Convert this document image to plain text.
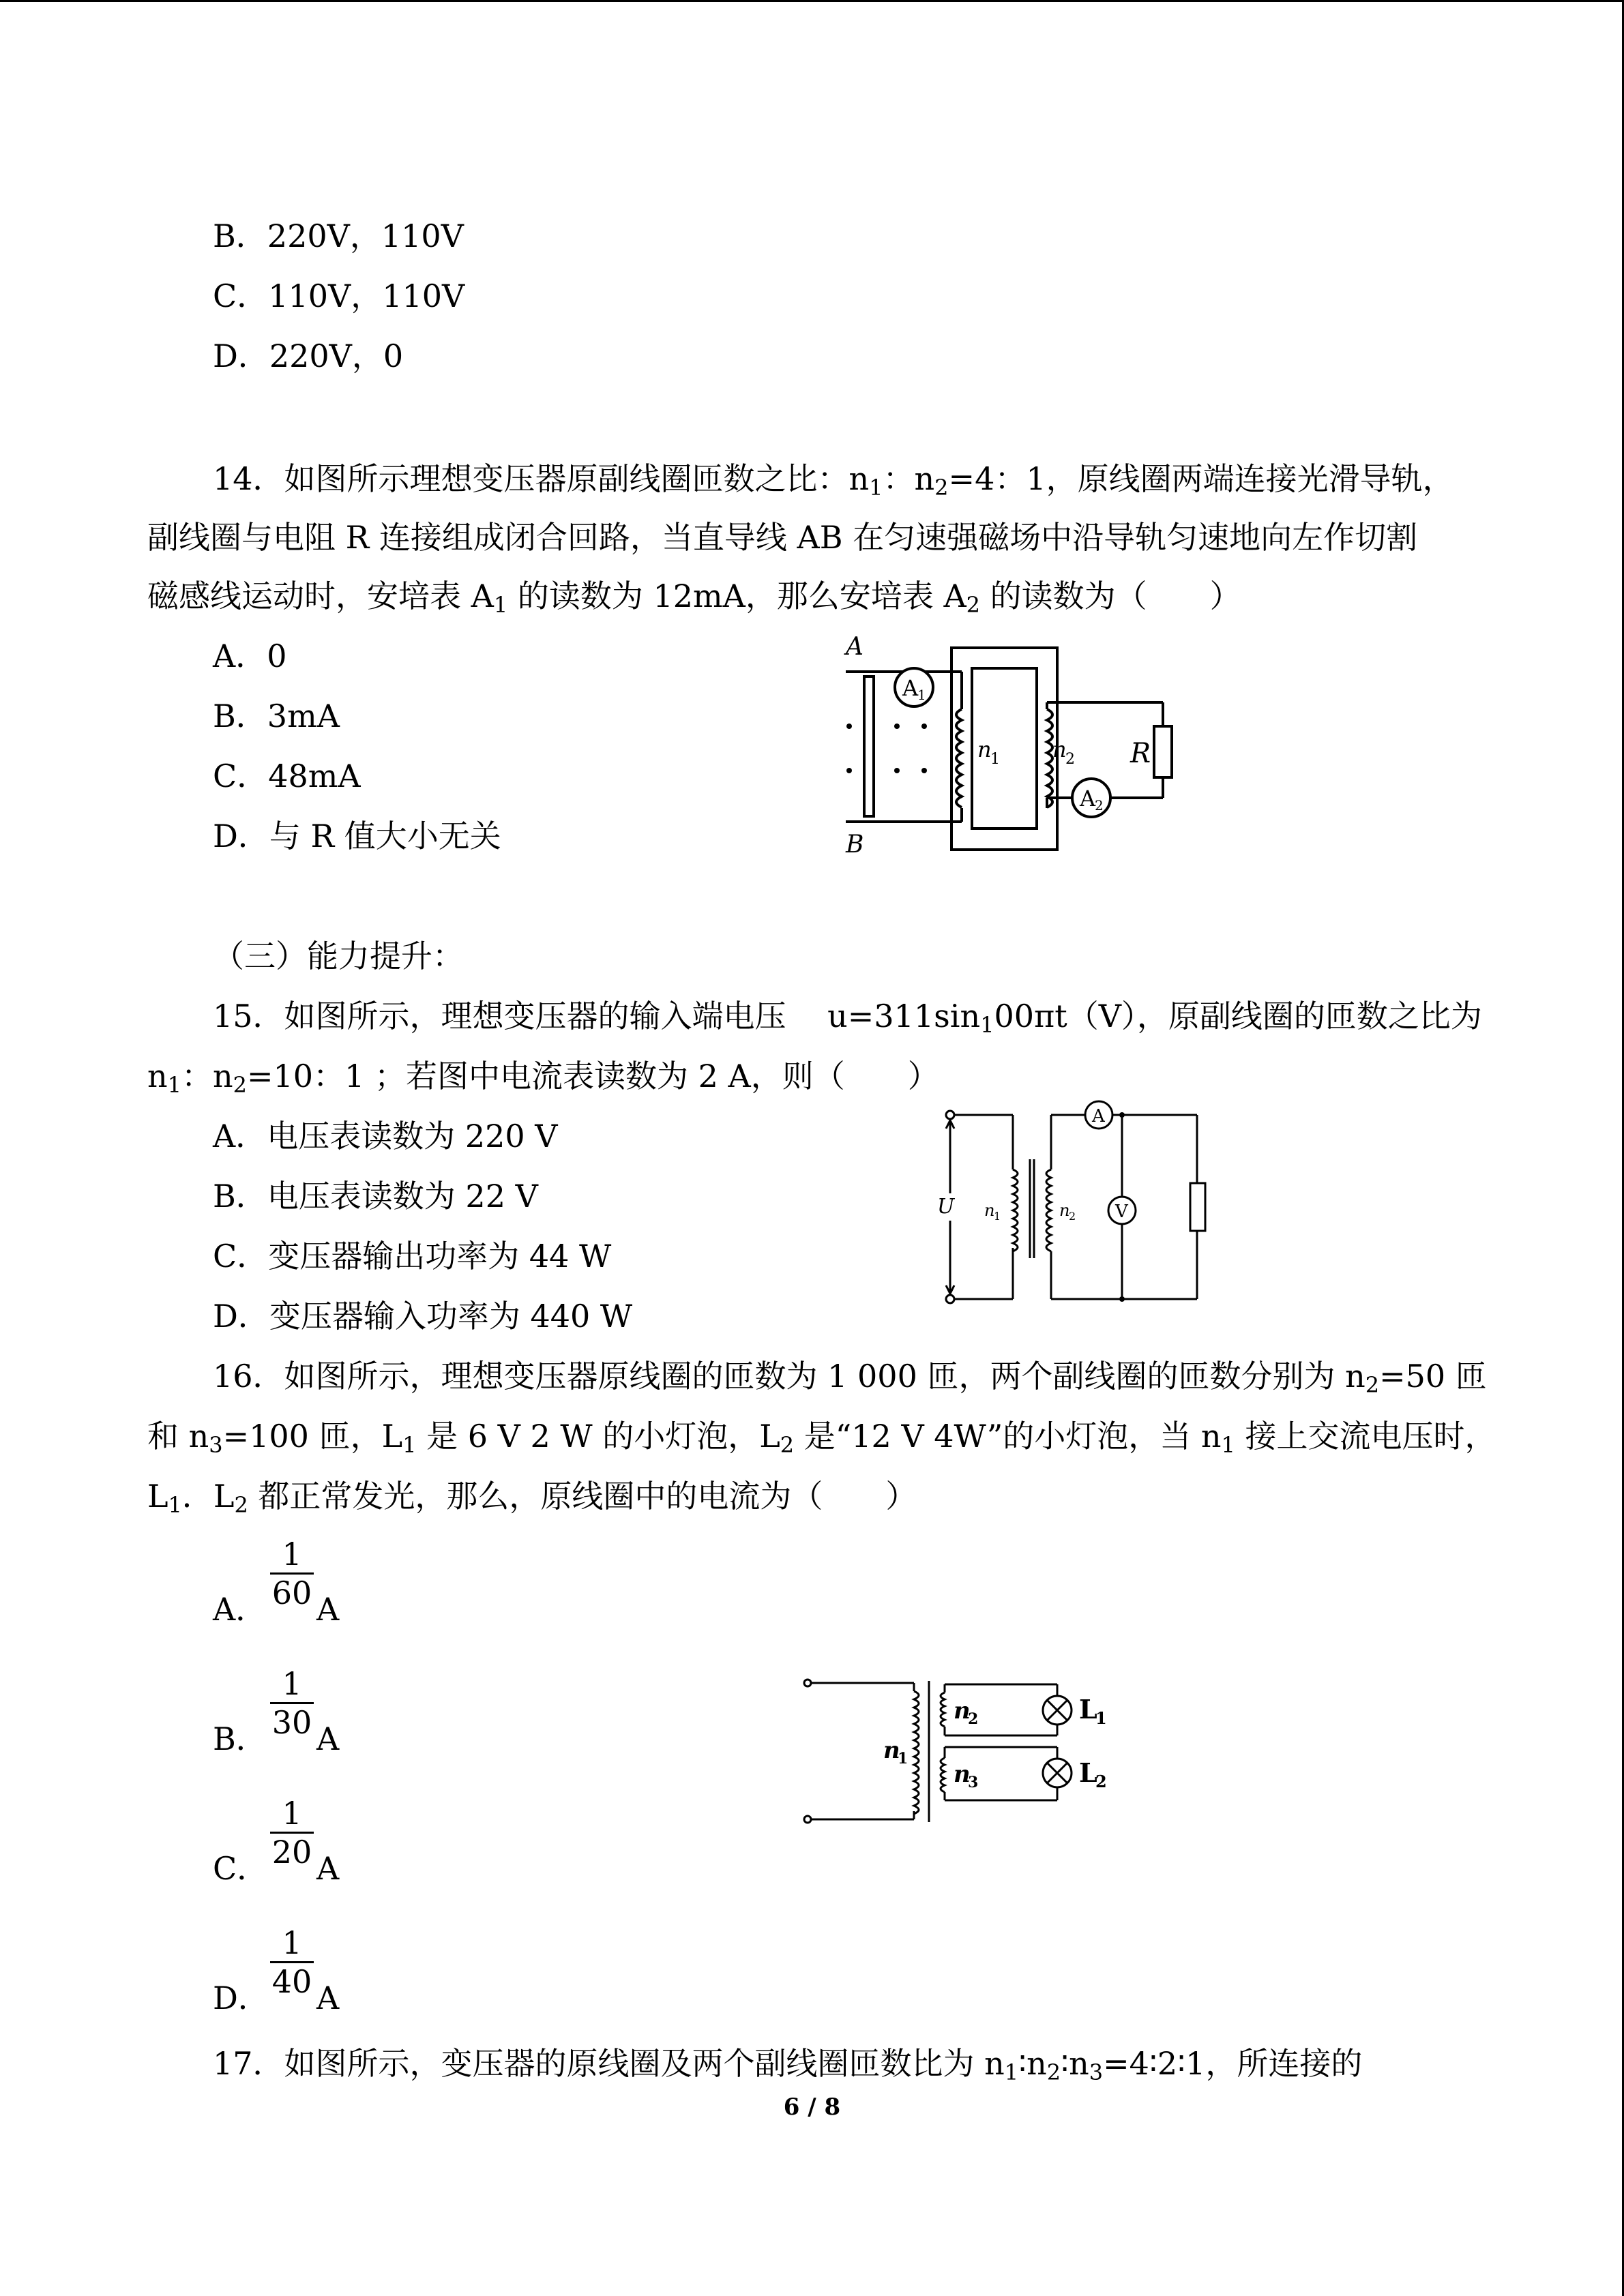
B．220V，110V

C．110V，110V

D．220V，0

14．如图所示理想变压器原副线圈匝数之比：$n_1$：$n_2=4$：1，原线圈两端连接光滑导轨，

副线圈与电阻 R 连接组成闭合回路，当直导线 AB 在匀速强磁场中沿导轨匀速地向左作切割

磁感线运动时，安培表 $A_1$ 的读数为 12mA，那么安培表 $A_2$ 的读数为（　　）

A．0

B．3mA

C．48mA

D．与 R 值大小无关

A
B
n
1 n
2 R
A
1
A
2

（三）能力提升：

15．如图所示，理想变压器的输入端电压　 $u=311\sin_100\pi t(V)$，原副线圈的匝数之比为

$n_1$：$n_2=10$：1 ；若图中电流表读数为 2 A，则（　　）

A．电压表读数为 220 V

B．电压表读数为 22 V

C．变压器输出功率为 44 W

D．变压器输入功率为 440 W

A
V
U n
1	n
2

16．如图所示，理想变压器原线圈的匝数为 1 000 匝，两个副线圈的匝数分别为 $n_2=50$ 匝

和 $n_3=100$ 匝，$L_1$ 是 6 V 2 W 的小灯泡，$L_2$ 是“12 V 4W”的小灯泡，当 $n_1$ 接上交流电压时，

$L_1$．$L_2$ 都正常发光，那么，原线圈中的电流为（　　）

A． $\frac{1}{60}$ A

B． $\frac{1}{30}$ A

C． $\frac{1}{20}$ A

D． $\frac{1}{40}$ A
n
1
n
2
n
3
L
1
L
2

17．如图所示，变压器的原线圈及两个副线圈匝数比为 $n_1∶n_2∶n_3=4∶2∶1$，所连接的

6 / 8
